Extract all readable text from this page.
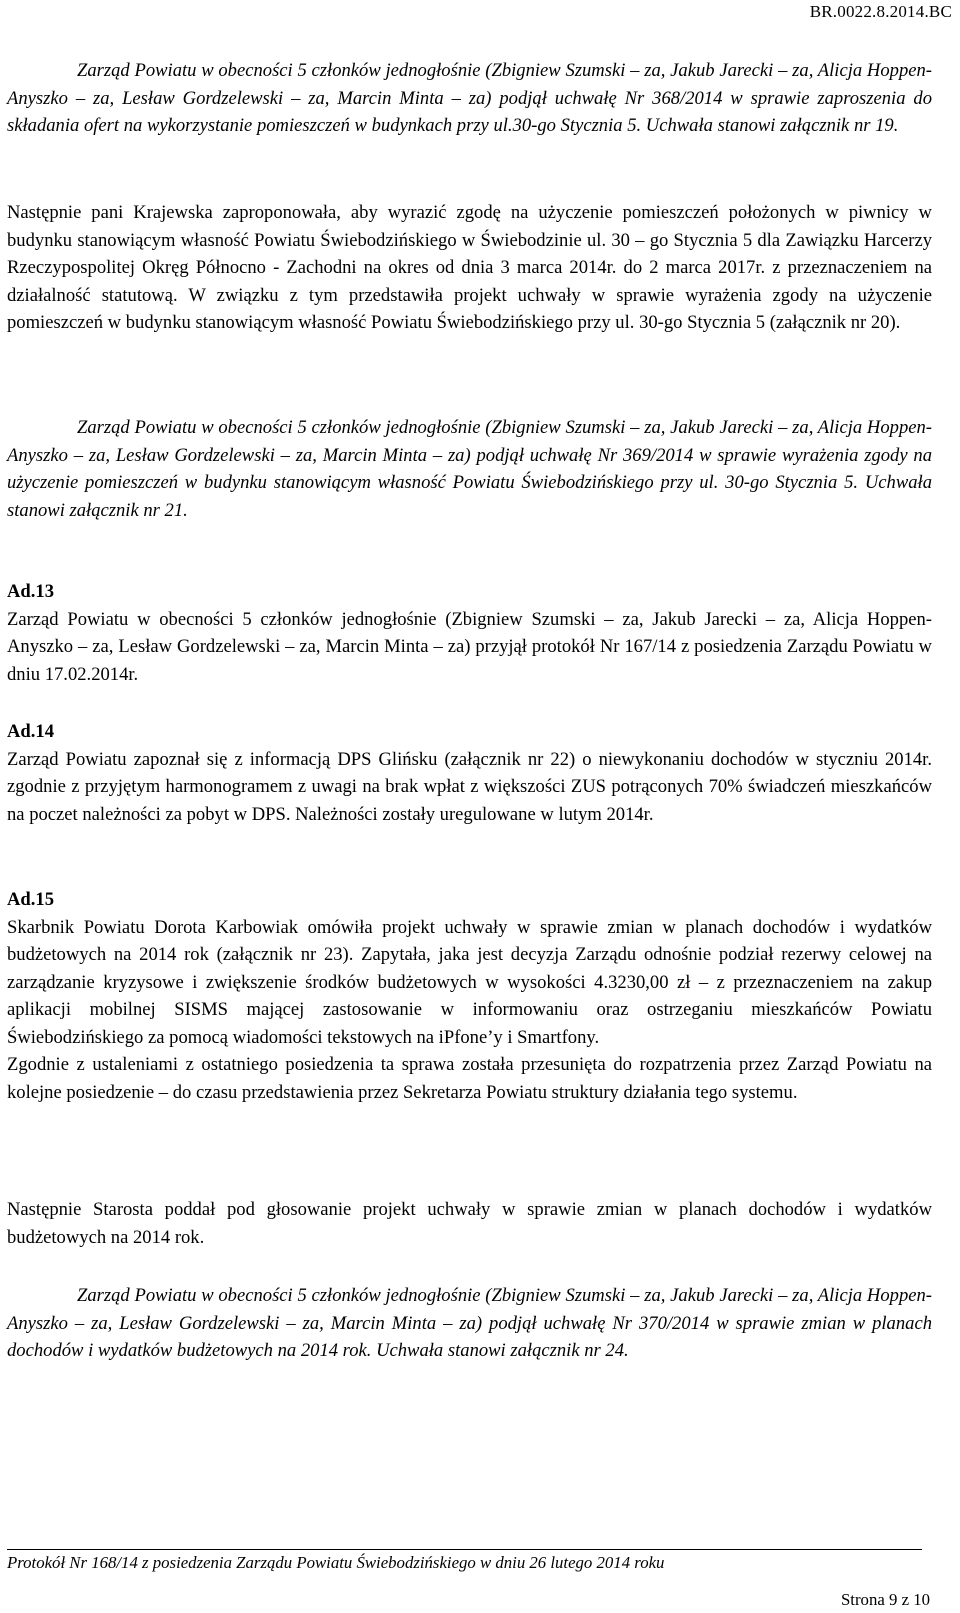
BR.0022.8.2014.BC

Zarząd Powiatu w obecności 5 członków jednogłośnie (Zbigniew Szumski – za, Jakub Jarecki – za, Alicja Hoppen-Anyszko – za, Lesław Gordzelewski – za, Marcin Minta – za) podjął uchwałę Nr 368/2014 w sprawie zaproszenia do składania ofert na wykorzystanie pomieszczeń w budynkach przy ul.30-go Stycznia 5. Uchwała stanowi załącznik nr 19.

Następnie pani Krajewska zaproponowała, aby wyrazić zgodę na użyczenie pomieszczeń położonych w piwnicy w budynku stanowiącym własność Powiatu Świebodzińskiego w Świebodzinie ul. 30 – go Stycznia 5 dla Zawiązku Harcerzy Rzeczypospolitej Okręg Północno - Zachodni na okres od dnia 3 marca 2014r. do 2 marca 2017r. z przeznaczeniem na działalność statutową. W związku z tym przedstawiła projekt uchwały w sprawie wyrażenia zgody na użyczenie pomieszczeń w budynku stanowiącym własność Powiatu Świebodzińskiego przy ul. 30-go Stycznia 5 (załącznik nr 20).

Zarząd Powiatu w obecności 5 członków jednogłośnie (Zbigniew Szumski – za, Jakub Jarecki – za, Alicja Hoppen-Anyszko – za, Lesław Gordzelewski – za, Marcin Minta – za) podjął uchwałę Nr 369/2014 w sprawie wyrażenia zgody na użyczenie pomieszczeń w budynku stanowiącym własność Powiatu Świebodzińskiego przy ul. 30-go Stycznia 5. Uchwała stanowi załącznik nr 21.

Ad.13

Zarząd Powiatu w obecności 5 członków jednogłośnie (Zbigniew Szumski – za, Jakub Jarecki – za, Alicja Hoppen-Anyszko – za, Lesław Gordzelewski – za, Marcin Minta – za) przyjął protokół Nr 167/14 z posiedzenia Zarządu Powiatu w dniu 17.02.2014r.

Ad.14

Zarząd Powiatu zapoznał się z informacją DPS Glińsku (załącznik nr 22) o niewykonaniu dochodów w styczniu 2014r. zgodnie z przyjętym harmonogramem z uwagi na brak wpłat z większości ZUS potrąconych 70% świadczeń mieszkańców na poczet należności za pobyt w DPS. Należności zostały uregulowane w lutym 2014r.

Ad.15

Skarbnik Powiatu Dorota Karbowiak omówiła projekt uchwały w sprawie zmian w planach dochodów i wydatków budżetowych na 2014 rok (załącznik nr 23). Zapytała, jaka jest decyzja Zarządu odnośnie podział rezerwy celowej na zarządzanie kryzysowe i zwiększenie środków budżetowych w wysokości 4.3230,00 zł – z przeznaczeniem na zakup aplikacji mobilnej SISMS mającej zastosowanie w informowaniu oraz ostrzeganiu mieszkańców Powiatu Świebodzińskiego za pomocą wiadomości tekstowych na iPfone’y i Smartfony.

Zgodnie z ustaleniami z ostatniego posiedzenia ta sprawa została przesunięta do rozpatrzenia przez Zarząd Powiatu na kolejne posiedzenie – do czasu przedstawienia przez Sekretarza Powiatu struktury działania tego systemu.

Następnie Starosta poddał pod głosowanie projekt uchwały w sprawie zmian w planach dochodów i wydatków budżetowych na 2014 rok.

Zarząd Powiatu w obecności 5 członków jednogłośnie (Zbigniew Szumski – za, Jakub Jarecki – za, Alicja Hoppen-Anyszko – za, Lesław Gordzelewski – za, Marcin Minta – za) podjął uchwałę Nr 370/2014 w sprawie zmian w planach dochodów i wydatków budżetowych na 2014 rok. Uchwała stanowi załącznik nr 24.

Protokół Nr 168/14 z posiedzenia Zarządu Powiatu Świebodzińskiego w dniu 26 lutego 2014 roku
Strona 9 z 10
